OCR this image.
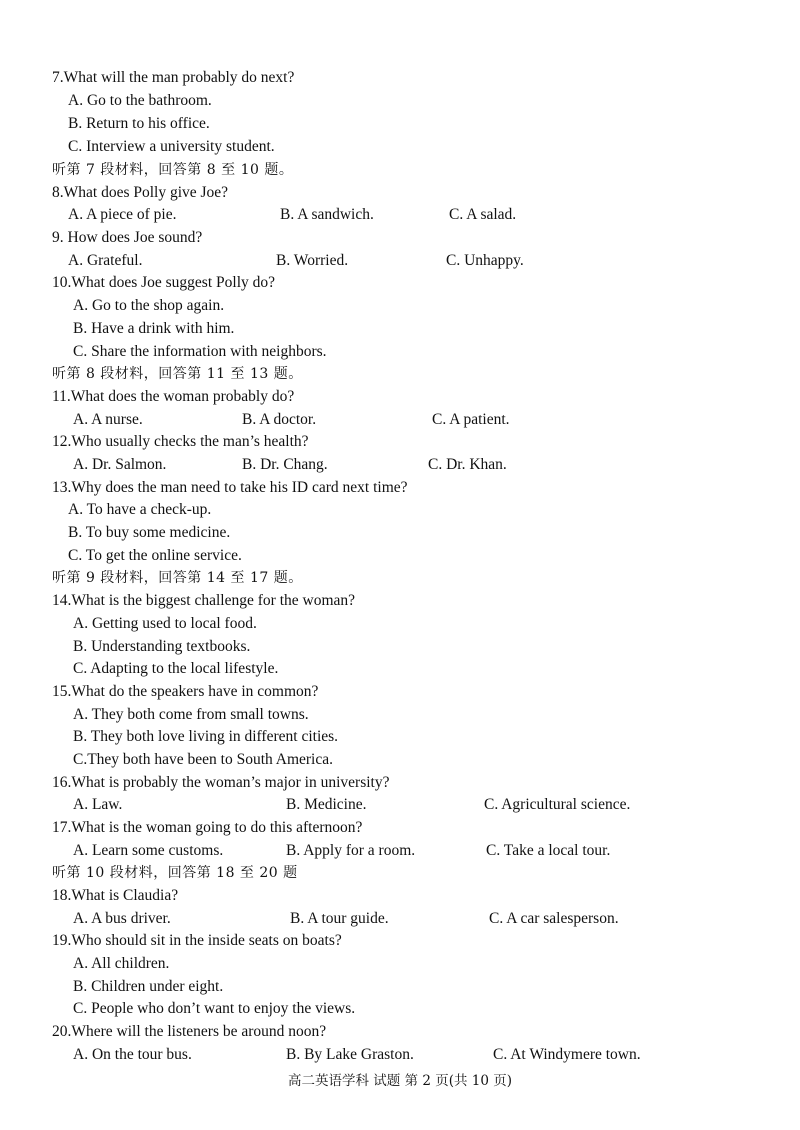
7.What will the man probably do next?
A. Go to the bathroom.
B. Return to his office.
C. Interview a university student.
听第 7 段材料，回答第 8 至 10 题。
8.What does Polly give Joe?
A. A piece of pie.	B. A sandwich.	C. A salad.
9. How does Joe sound?
A. Grateful.	B. Worried.	C. Unhappy.
10.What does Joe suggest Polly do?
A. Go to the shop again.
B. Have a drink with him.
C. Share the information with neighbors.
听第 8 段材料，回答第 11 至 13 题。
11.What does the woman probably do?
A. A nurse.	B. A doctor.	C. A patient.
12.Who usually checks the man’s health?
A. Dr. Salmon.	B. Dr. Chang.	C. Dr. Khan.
13.Why does the man need to take his ID card next time?
A. To have a check-up.
B. To buy some medicine.
C. To get the online service.
听第 9 段材料，回答第 14 至 17 题。
14.What is the biggest challenge for the woman?
A. Getting used to local food.
B. Understanding textbooks.
C. Adapting to the local lifestyle.
15.What do the speakers have in common?
A. They both come from small towns.
B. They both love living in different cities.
C.They both have been to South America.
16.What is probably the woman’s major in university?
A. Law.	B. Medicine.	C. Agricultural science.
17.What is the woman going to do this afternoon?
A. Learn some customs.	B. Apply for a room.	C. Take a local tour.
听第 10 段材料，回答第 18 至 20 题
18.What is Claudia?
A. A bus driver.	B. A tour guide.	C. A car salesperson.
19.Who should sit in the inside seats on boats?
A. All children.
B. Children under eight.
C. People who don’t want to enjoy the views.
20.Where will the listeners be around noon?
A. On the tour bus.	B. By Lake Graston.	C. At Windymere town.
高二英语学科 试题 第 2 页(共 10 页)
